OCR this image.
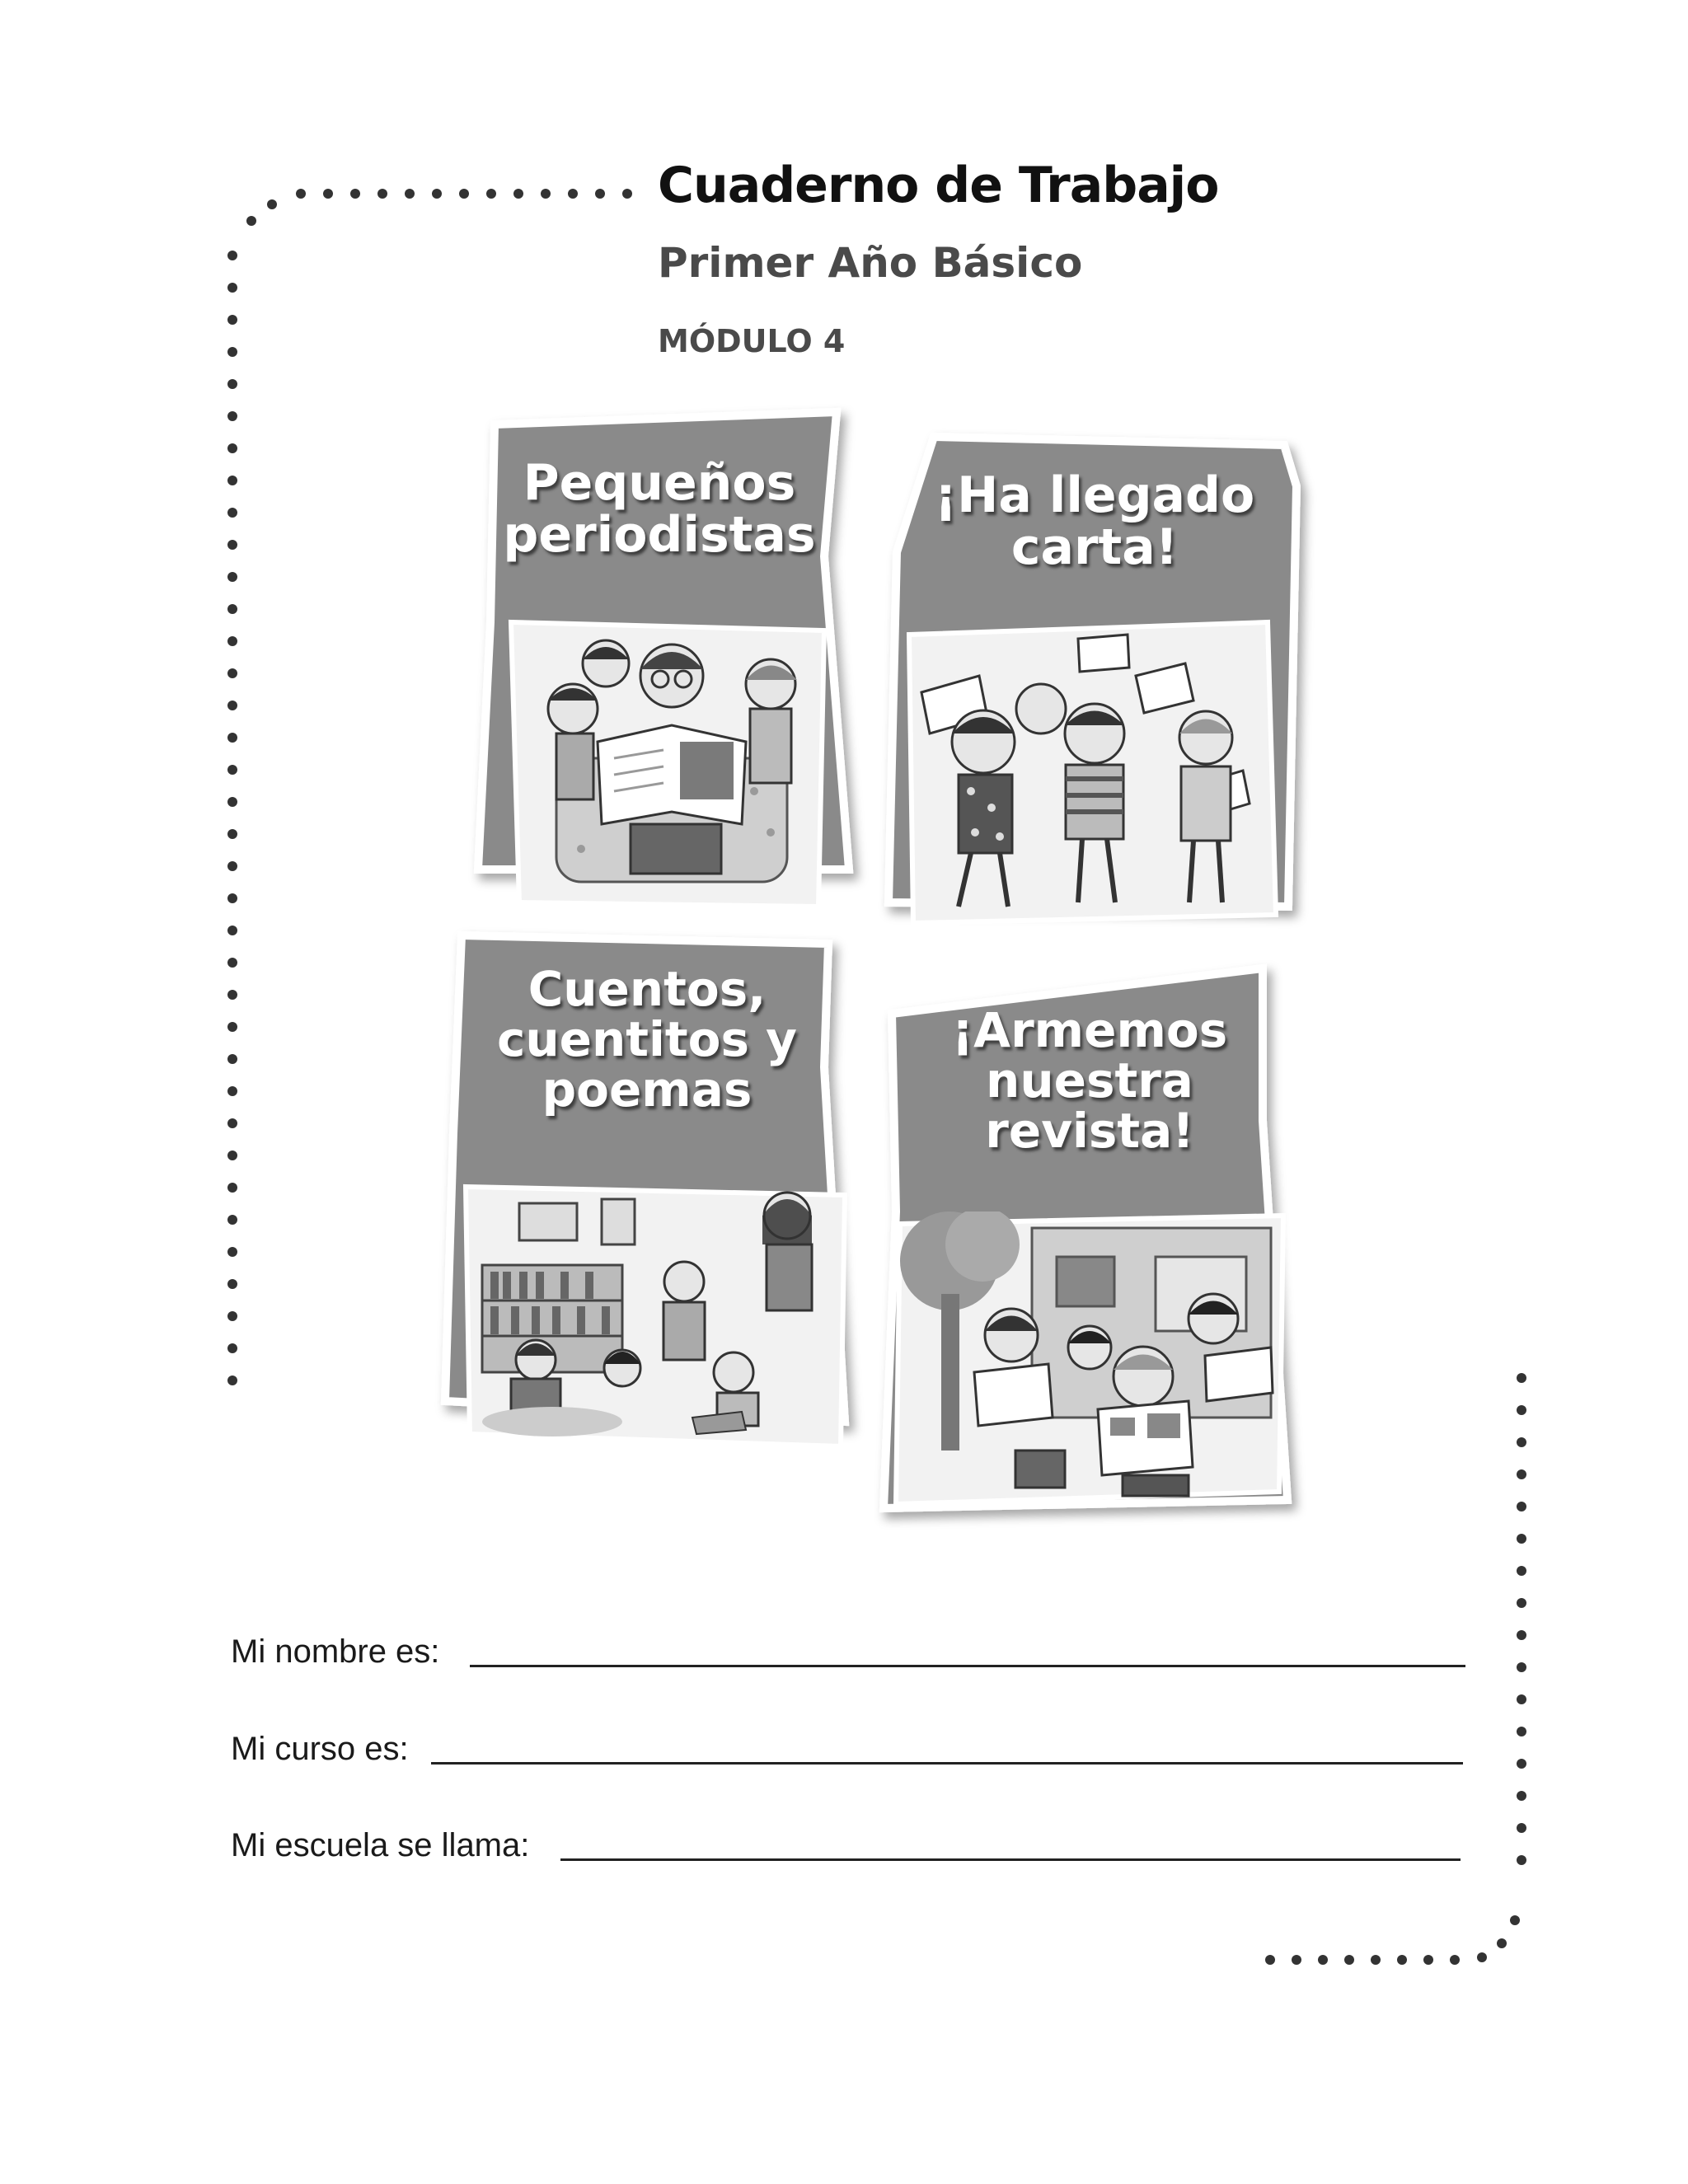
Cuaderno de Trabajo
Primer Año Básico
MÓDULO 4
Pequeños
periodistas
¡Ha llegado
carta!
Cuentos,
cuentitos y
poemas
¡Armemos
nuestra
revista!
Mi nombre es:
Mi curso es:
Mi escuela se llama:
